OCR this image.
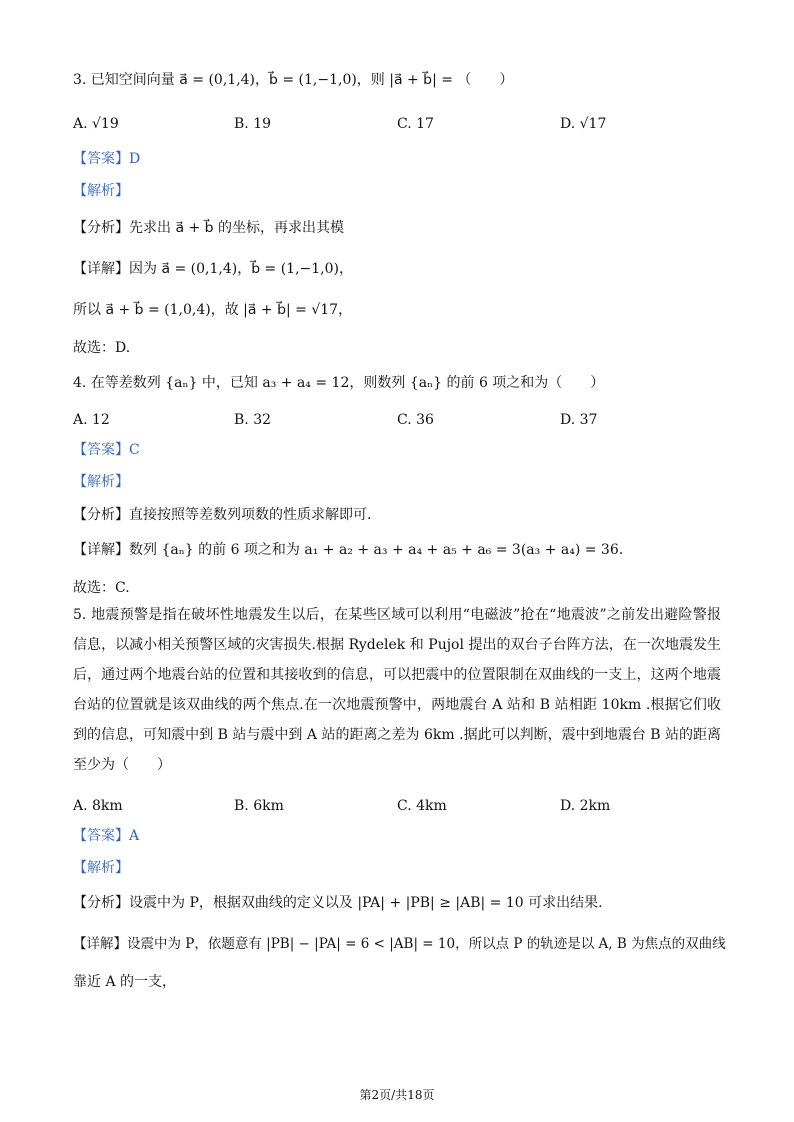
3. 已知空间向量 a⃗ = (0,1,4)，b⃗ = (1,−1,0)，则 |a⃗ + b⃗| = （　　）
A. √19	B. 19	C. 17	D. √17
【答案】D
【解析】
【分析】先求出 a⃗ + b⃗ 的坐标，再求出其模
【详解】因为 a⃗ = (0,1,4)，b⃗ = (1,−1,0)，
所以 a⃗ + b⃗ = (1,0,4)，故 |a⃗ + b⃗| = √17，
故选：D.
4. 在等差数列 {aₙ} 中，已知 a₃ + a₄ = 12，则数列 {aₙ} 的前 6 项之和为（　　）
A. 12	B. 32	C. 36	D. 37
【答案】C
【解析】
【分析】直接按照等差数列项数的性质求解即可.
【详解】数列 {aₙ} 的前 6 项之和为 a₁ + a₂ + a₃ + a₄ + a₅ + a₆ = 3(a₃ + a₄) = 36.
故选：C.
5. 地震预警是指在破坏性地震发生以后，在某些区域可以利用“电磁波”抢在“地震波”之前发出避险警报信息，以减小相关预警区域的灾害损失.根据 Rydelek 和 Pujol 提出的双台子台阵方法，在一次地震发生后，通过两个地震台站的位置和其接收到的信息，可以把震中的位置限制在双曲线的一支上，这两个地震台站的位置就是该双曲线的两个焦点.在一次地震预警中，两地震台 A 站和 B 站相距 10km .根据它们收到的信息，可知震中到 B 站与震中到 A 站的距离之差为 6km .据此可以判断，震中到地震台 B 站的距离至少为（　　）
A. 8km	B. 6km	C. 4km	D. 2km
【答案】A
【解析】
【分析】设震中为 P，根据双曲线的定义以及 |PA| + |PB| ≥ |AB| = 10 可求出结果.
【详解】设震中为 P，依题意有 |PB| − |PA| = 6 < |AB| = 10，所以点 P 的轨迹是以 A, B 为焦点的双曲线
靠近 A 的一支，
第2页/共18页
